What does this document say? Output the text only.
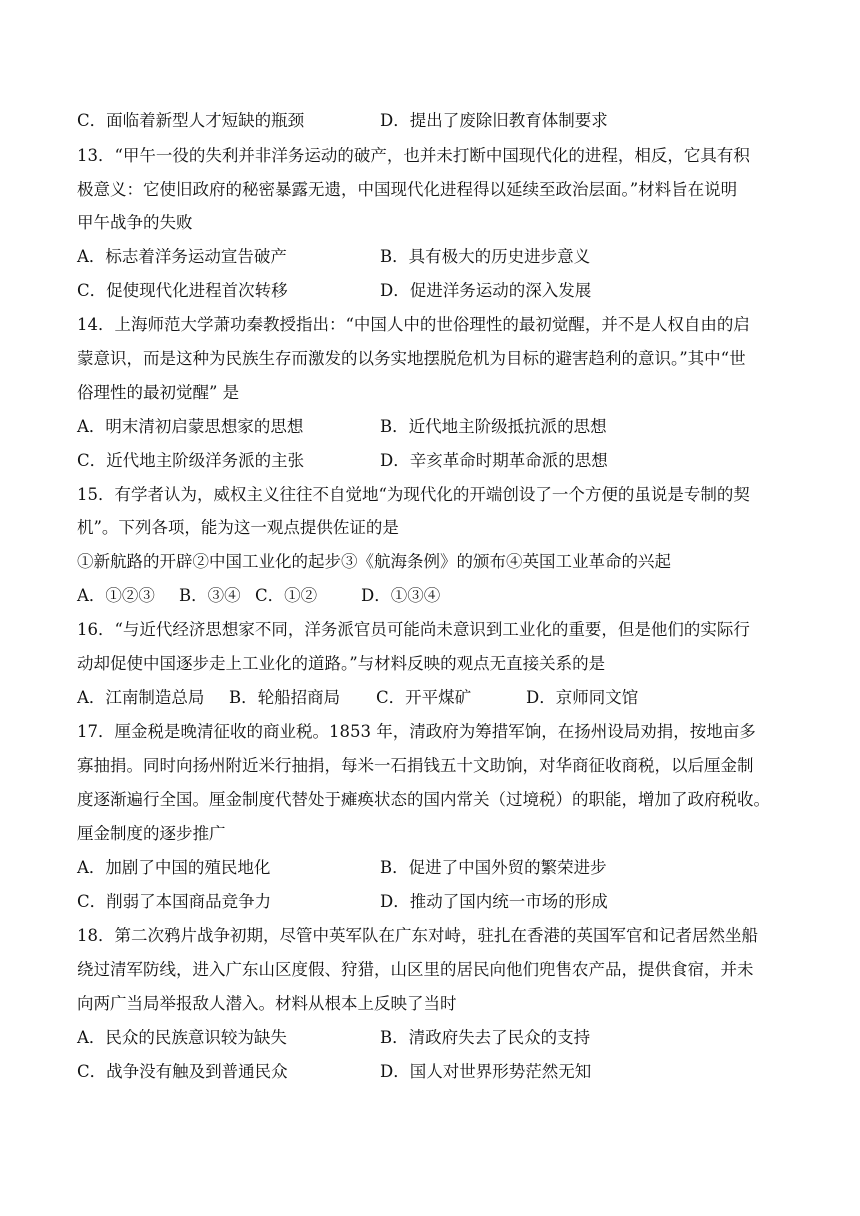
C．面临着新型人才短缺的瓶颈	D．提出了废除旧教育体制要求
13．“甲午一役的失利并非洋务运动的破产，也并未打断中国现代化的进程，相反，它具有积
极意义：它使旧政府的秘密暴露无遗，中国现代化进程得以延续至政治层面。”材料旨在说明
甲午战争的失败
A．标志着洋务运动宣告破产	B．具有极大的历史进步意义
C．促使现代化进程首次转移	D．促进洋务运动的深入发展
14．上海师范大学萧功秦教授指出：“中国人中的世俗理性的最初觉醒，并不是人权自由的启
蒙意识，而是这种为民族生存而激发的以务实地摆脱危机为目标的避害趋利的意识。”其中“世
俗理性的最初觉醒” 是
A．明末清初启蒙思想家的思想	B．近代地主阶级抵抗派的思想
C．近代地主阶级洋务派的主张	D．辛亥革命时期革命派的思想
15．有学者认为，威权主义往往不自觉地“为现代化的开端创设了一个方便的虽说是专制的契
机”。下列各项，能为这一观点提供佐证的是
①新航路的开辟②中国工业化的起步③《航海条例》的颁布④英国工业革命的兴起
A．①②③ B．③④ C．①②	D．①③④
16．“与近代经济思想家不同，洋务派官员可能尚未意识到工业化的重要，但是他们的实际行
动却促使中国逐步走上工业化的道路。”与材料反映的观点无直接关系的是
A．江南制造总局 B．轮船招商局 C．开平煤矿	D．京师同文馆
17．厘金税是晚清征收的商业税。1853 年，清政府为筹措军饷，在扬州设局劝捐，按地亩多
寡抽捐。同时向扬州附近米行抽捐，每米一石捐钱五十文助饷，对华商征收商税，以后厘金制
度逐渐遍行全国。厘金制度代替处于瘫痪状态的国内常关（过境税）的职能，增加了政府税收。
厘金制度的逐步推广
A．加剧了中国的殖民地化	B．促进了中国外贸的繁荣进步
C．削弱了本国商品竞争力	D．推动了国内统一市场的形成
18．第二次鸦片战争初期，尽管中英军队在广东对峙，驻扎在香港的英国军官和记者居然坐船
绕过清军防线，进入广东山区度假、狩猎，山区里的居民向他们兜售农产品，提供食宿，并未
向两广当局举报敌人潜入。材料从根本上反映了当时
A．民众的民族意识较为缺失	B．清政府失去了民众的支持
C．战争没有触及到普通民众	D．国人对世界形势茫然无知
